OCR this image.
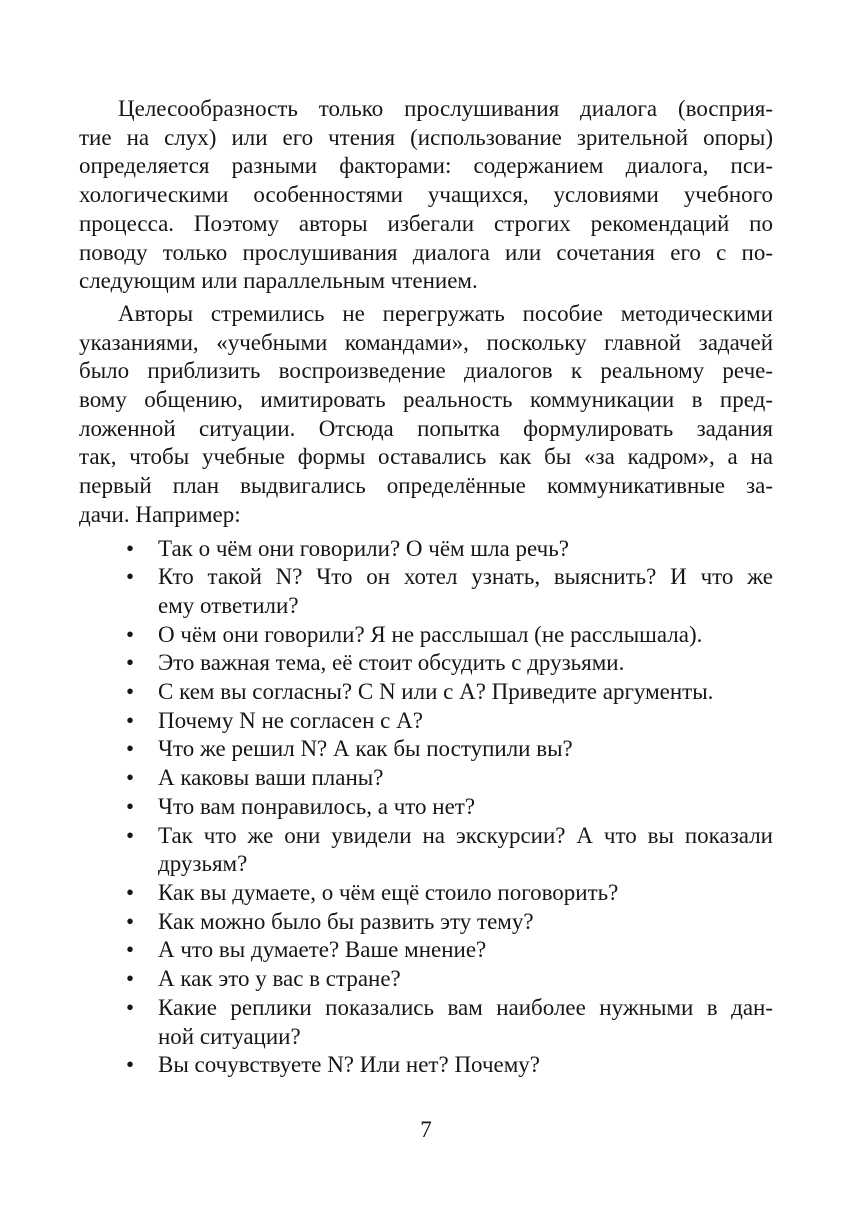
Целесообразность только прослушивания диалога (восприя-
тие на слух) или его чтения (использование зрительной опоры)
определяется разными факторами: содержанием диалога, пси-
хологическими особенностями учащихся, условиями учебного
процесса. Поэтому авторы избегали строгих рекомендаций по
поводу только прослушивания диалога или сочетания его с по-
следующим или параллельным чтением.
Авторы стремились не перегружать пособие методическими
указаниями, «учебными командами», поскольку главной задачей
было приблизить воспроизведение диалогов к реальному рече-
вому общению, имитировать реальность коммуникации в пред-
ложенной ситуации. Отсюда попытка формулировать задания
так, чтобы учебные формы оставались как бы «за кадром», а на
первый план выдвигались определённые коммуникативные за-
дачи. Например:
• Так о чём они говорили? О чём шла речь?
• Кто такой N? Что он хотел узнать, выяснить? И что же
ему ответили?
• О чём они говорили? Я не расслышал (не расслышала).
• Это важная тема, её стоит обсудить с друзьями.
• С кем вы согласны? С N или с А? Приведите аргументы.
• Почему N не согласен с А?
• Что же решил N? А как бы поступили вы?
• А каковы ваши планы?
• Что вам понравилось, а что нет?
• Так что же они увидели на экскурсии? А что вы показали
друзьям?
• Как вы думаете, о чём ещё стоило поговорить?
• Как можно было бы развить эту тему?
• А что вы думаете? Ваше мнение?
• А как это у вас в стране?
• Какие реплики показались вам наиболее нужными в дан-
ной ситуации?
• Вы сочувствуете N? Или нет? Почему?
7
